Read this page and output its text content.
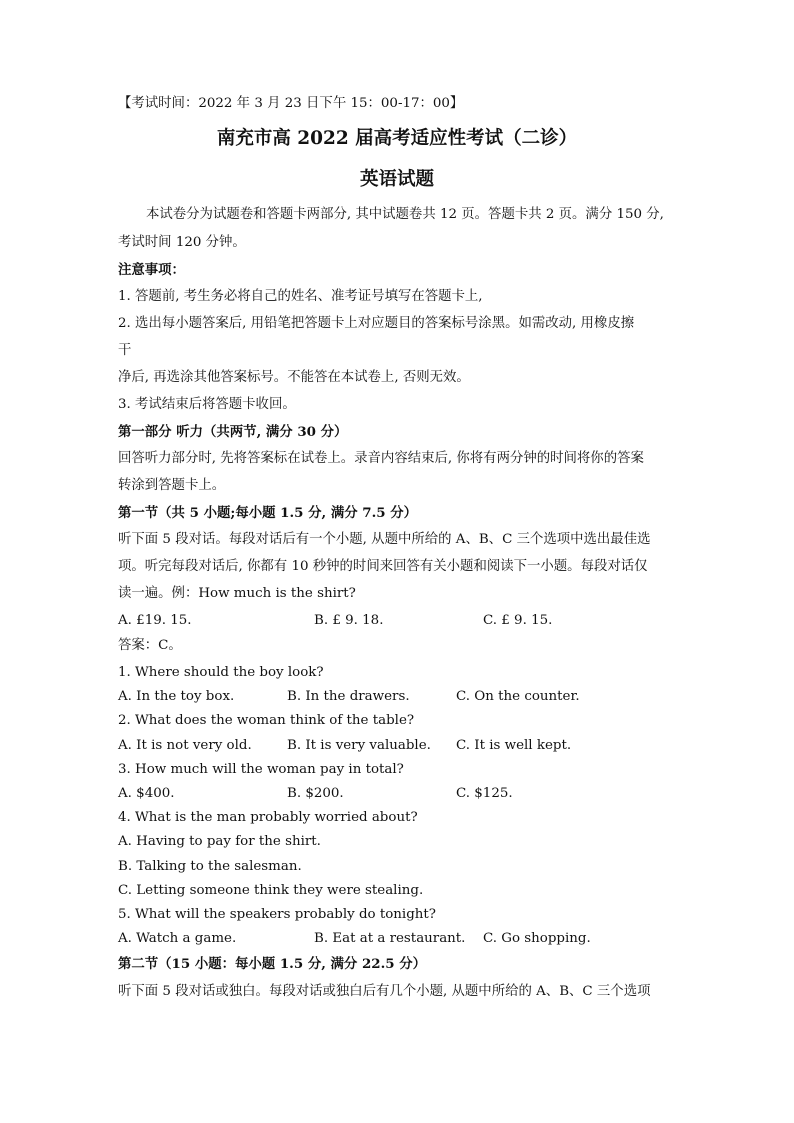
【考试时间：2022 年 3 月 23 日下午 15：00-17：00】
南充市高 2022 届高考适应性考试（二诊）
英语试题
本试卷分为试题卷和答题卡两部分, 其中试题卷共 12 页。答题卡共 2 页。满分 150 分,
考试时间 120 分钟。
注意事项：
1. 答题前, 考生务必将自己的姓名、准考证号填写在答题卡上,
2. 选出每小题答案后, 用铅笔把答题卡上对应题目的答案标号涂黑。如需改动, 用橡皮擦
干
净后, 再选涂其他答案标号。不能答在本试卷上, 否则无效。
3. 考试结束后将答题卡收回。
第一部分 听力（共两节, 满分 30 分）
回答听力部分时, 先将答案标在试卷上。录音内容结束后, 你将有两分钟的时间将你的答案
转涂到答题卡上。
第一节（共 5 小题;每小题 1.5 分, 满分 7.5 分）
听下面 5 段对话。每段对话后有一个小题, 从题中所给的 A、B、C 三个选项中选出最佳选
项。听完每段对话后, 你都有 10 秒钟的时间来回答有关小题和阅读下一小题。每段对话仅
读一遍。例：How much is the shirt?
A. £19. 15.	B. £ 9. 18.	C. £ 9. 15.
答案：C。
1. Where should the boy look?
A. In the toy box.	B. In the drawers.	C. On the counter.
2. What does the woman think of the table?
A. It is not very old.	B. It is very valuable. C. It is well kept.
3. How much will the woman pay in total?
A. $400.	B. $200.	C. $125.
4. What is the man probably worried about?
A. Having to pay for the shirt.
B. Talking to the salesman.
C. Letting someone think they were stealing.
5. What will the speakers probably do tonight?
A. Watch a game.	B. Eat at a restaurant. C. Go shopping.
第二节（15 小题：每小题 1.5 分, 满分 22.5 分）
听下面 5 段对话或独白。每段对话或独白后有几个小题, 从题中所给的 A、B、C 三个选项
